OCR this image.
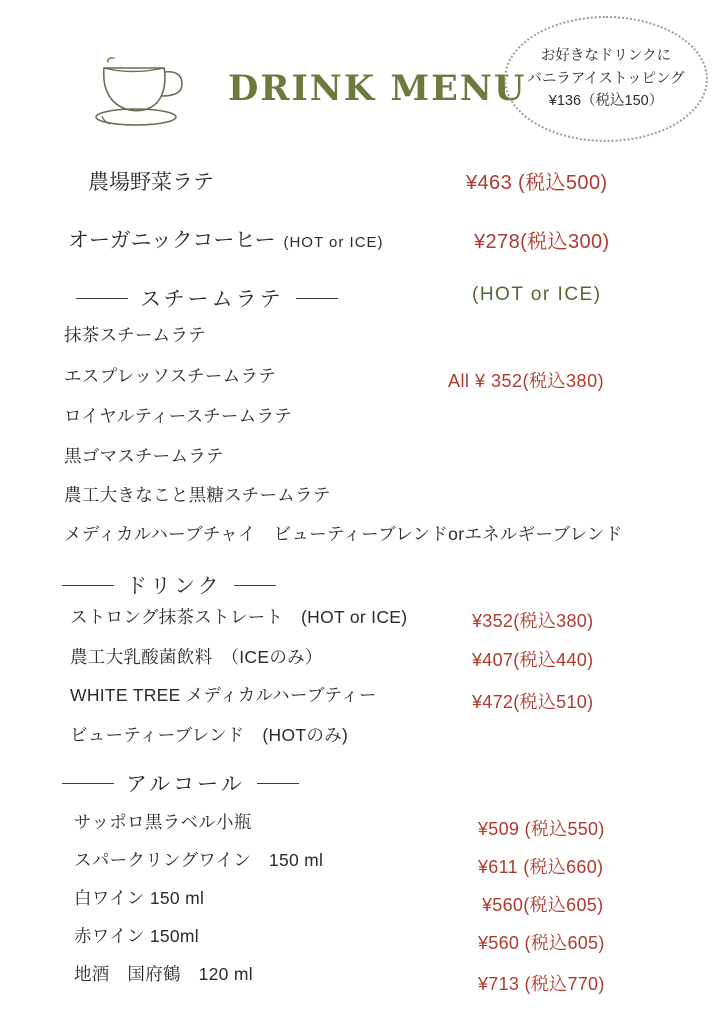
DRINK MENU
お好きなドリンクに
バニラアイストッピング
¥136（税込150）
農場野菜ラテ	¥463 (税込500)
オーガニックコーヒー (HOT or ICE)	¥278(税込300)
スチームラテ	(HOT or ICE)
All ¥ 352(税込380)
抹茶スチームラテ
エスプレッソスチームラテ
ロイヤルティースチームラテ
黒ゴマスチームラテ
農工大きなこと黒糖スチームラテ
メディカルハーブチャイ　ビューティーブレンドorエネルギーブレンド
ドリンク
ストロング抹茶ストレート　(HOT or ICE)	¥352(税込380)
農工大乳酸菌飲料　（ICEのみ）	¥407(税込440)
WHITE TREE メディカルハーブティー	¥472(税込510)
ビューティーブレンド　(HOTのみ)
アルコール
サッポロ黒ラベル小瓶	¥509 (税込550)
スパークリングワイン　150 ml	¥611 (税込660)
白ワイン 150 ml	¥560(税込605)
赤ワイン 150ml	¥560 (税込605)
地酒　国府鶴　120 ml	¥713 (税込770)
